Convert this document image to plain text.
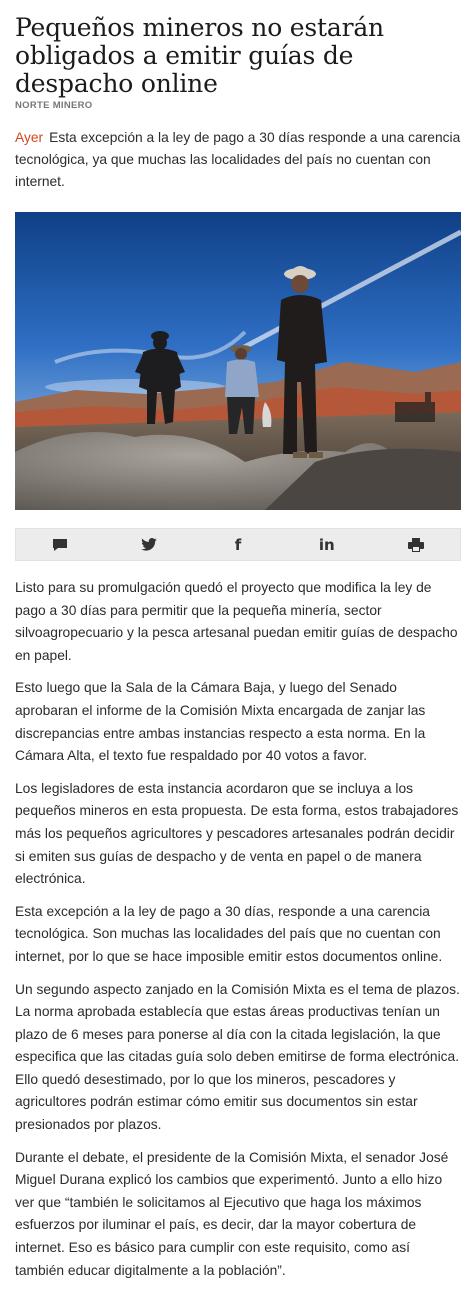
Pequeños mineros no estarán obligados a emitir guías de despacho online
NORTE MINERO
Ayer Esta excepción a la ley de pago a 30 días responde a una carencia tecnológica, ya que muchas las localidades del país no cuentan con internet.
f	in

Listo para su promulgación quedó el proyecto que modifica la ley de pago a 30 días para permitir que la pequeña minería, sector silvoagropecuario y la pesca artesanal puedan emitir guías de despacho en papel.

Esto luego que la Sala de la Cámara Baja, y luego del Senado aprobaran el informe de la Comisión Mixta encargada de zanjar las discrepancias entre ambas instancias respecto a esta norma. En la Cámara Alta, el texto fue respaldado por 40 votos a favor.

Los legisladores de esta instancia acordaron que se incluya a los pequeños mineros en esta propuesta. De esta forma, estos trabajadores más los pequeños agricultores y pescadores artesanales podrán decidir si emiten sus guías de despacho y de venta en papel o de manera electrónica.

Esta excepción a la ley de pago a 30 días, responde a una carencia tecnológica. Son muchas las localidades del país que no cuentan con internet, por lo que se hace imposible emitir estos documentos online.

Un segundo aspecto zanjado en la Comisión Mixta es el tema de plazos. La norma aprobada establecía que estas áreas productivas tenían un plazo de 6 meses para ponerse al día con la citada legislación, la que especifica que las citadas guía solo deben emitirse de forma electrónica. Ello quedó desestimado, por lo que los mineros, pescadores y agricultores podrán estimar cómo emitir sus documentos sin estar presionados por plazos.

Durante el debate, el presidente de la Comisión Mixta, el senador José Miguel Durana explicó los cambios que experimentó. Junto a ello hizo ver que “también le solicitamos al Ejecutivo que haga los máximos esfuerzos por iluminar el país, es decir, dar la mayor cobertura de internet. Eso es básico para cumplir con este requisito, como así también educar digitalmente a la población”.
